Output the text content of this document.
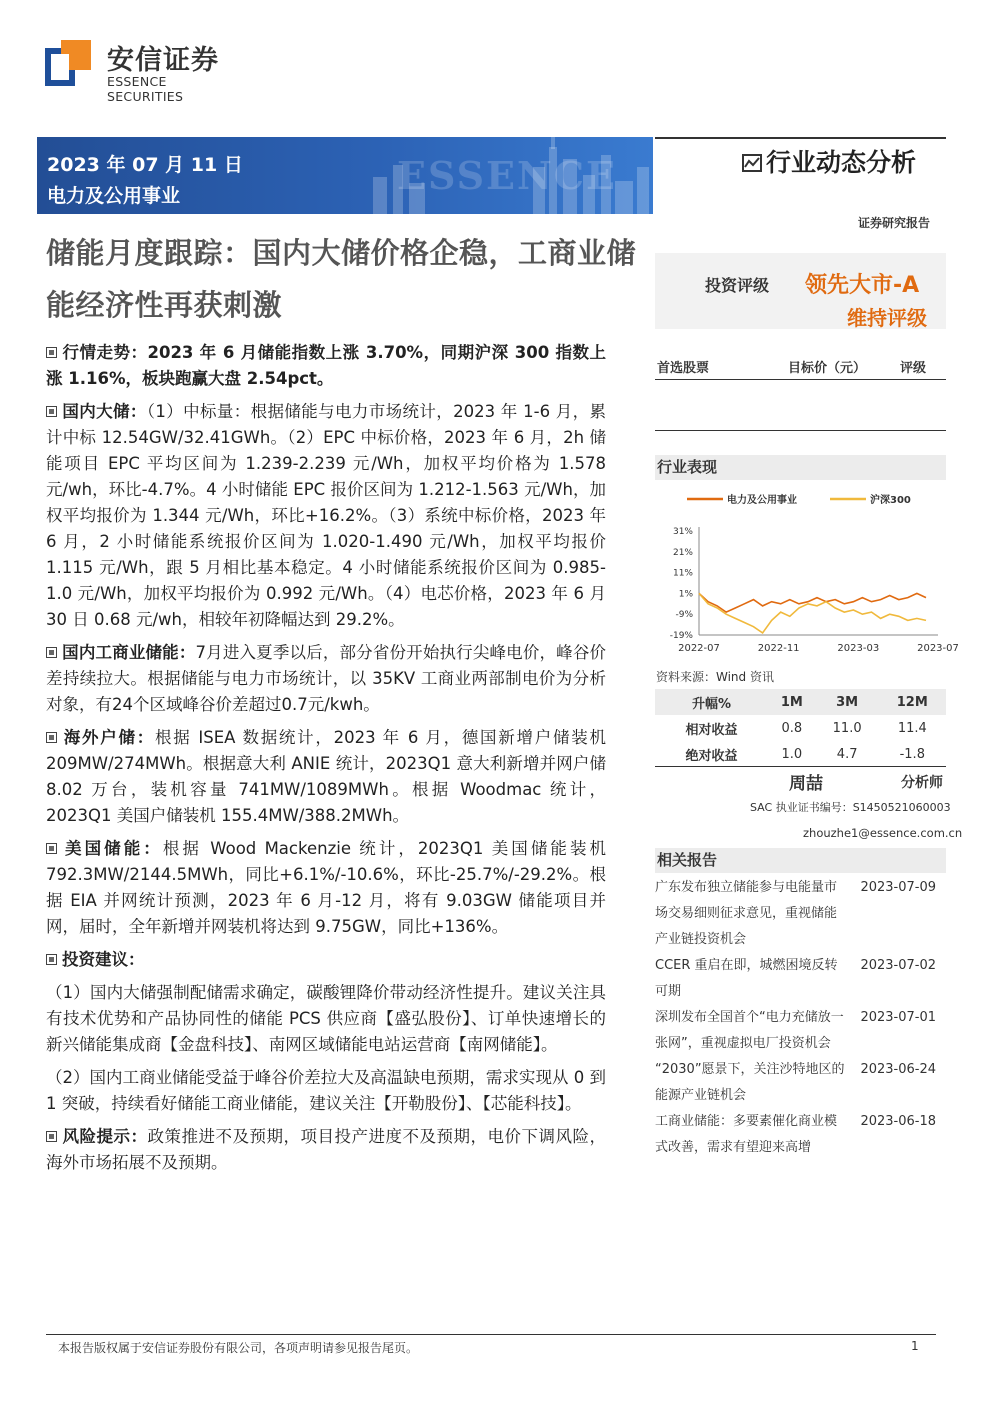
安信证券
ESSENCE SECURITIES
ESSENCE
2023 年 07 月 11 日
电力及公用事业
行业动态分析
证券研究报告
储能月度跟踪：国内大储价格企稳，工商业储能经济性再获刺激
投资评级 领先大市-A
维持评级
行情走势：2023 年 6 月储能指数上涨 3.70%，同期沪深 300 指数上涨 1.16%，板块跑赢大盘 2.54pct。
国内大储：（1）中标量：根据储能与电力市场统计，2023 年 1-6 月，累计中标 12.54GW/32.41GWh。（2）EPC 中标价格，2023 年 6 月，2h 储能项目 EPC 平均区间为 1.239-2.239 元/Wh，加权平均价格为 1.578 元/wh，环比-4.7%。4 小时储能 EPC 报价区间为 1.212-1.563 元/Wh，加权平均报价为 1.344 元/Wh，环比+16.2%。（3）系统中标价格，2023 年 6 月，2 小时储能系统报价区间为 1.020-1.490 元/Wh，加权平均报价 1.115 元/Wh，跟 5 月相比基本稳定。4 小时储能系统报价区间为 0.985-1.0 元/Wh，加权平均报价为 0.992 元/Wh。（4）电芯价格，2023 年 6 月 30 日 0.68 元/wh，相较年初降幅达到 29.2%。
国内工商业储能：7月进入夏季以后，部分省份开始执行尖峰电价，峰谷价差持续拉大。根据储能与电力市场统计，以 35KV 工商业两部制电价为分析对象，有24个区域峰谷价差超过0.7元/kwh。
海外户储：根据 ISEA 数据统计，2023 年 6 月，德国新增户储装机 209MW/274MWh。根据意大利 ANIE 统计，2023Q1 意大利新增并网户储 8.02 万台，装机容量 741MW/1089MWh。根据 Woodmac 统计，2023Q1 美国户储装机 155.4MW/388.2MWh。
美国储能：根据 Wood Mackenzie 统计，2023Q1 美国储能装机 792.3MW/2144.5MWh，同比+6.1%/-10.6%，环比-25.7%/-29.2%。根据 EIA 并网统计预测，2023 年 6 月-12 月，将有 9.03GW 储能项目并网，届时，全年新增并网装机将达到 9.75GW，同比+136%。
投资建议：
（1）国内大储强制配储需求确定，碳酸锂降价带动经济性提升。建议关注具有技术优势和产品协同性的储能 PCS 供应商【盛弘股份】、订单快速增长的新兴储能集成商【金盘科技】、南网区域储能电站运营商【南网储能】。
（2）国内工商业储能受益于峰谷价差拉大及高温缺电预期，需求实现从 0 到 1 突破，持续看好储能工商业储能，建议关注【开勒股份】、【芯能科技】。
风险提示：政策推进不及预期，项目投产进度不及预期，电价下调风险，海外市场拓展不及预期。
首选股票	目标价（元）	评级
行业表现
电力及公用事业	沪深300
31%
21%
11%
1%
-9%
-19%
2022-07	2022-11	2023-03	2023-07
资料来源：Wind 资讯
升幅%	1M	3M	12M
相对收益	0.8	11.0	11.4
绝对收益	1.0	4.7	-1.8
周喆	分析师
SAC 执业证书编号：S1450521060003
zhouzhe1@essence.com.cn
相关报告
广东发布独立储能参与电能量市场交易细则征求意见，重视储能产业链投资机会
2023-07-09
CCER 重启在即，城燃困境反转可期
2023-07-02
深圳发布全国首个“电力充储放一张网”，重视虚拟电厂投资机会
2023-07-01
“2030”愿景下，关注沙特地区的能源产业链机会
2023-06-24
工商业储能：多要素催化商业模式改善，需求有望迎来高增
2023-06-18
本报告版权属于安信证券股份有限公司，各项声明请参见报告尾页。	1
